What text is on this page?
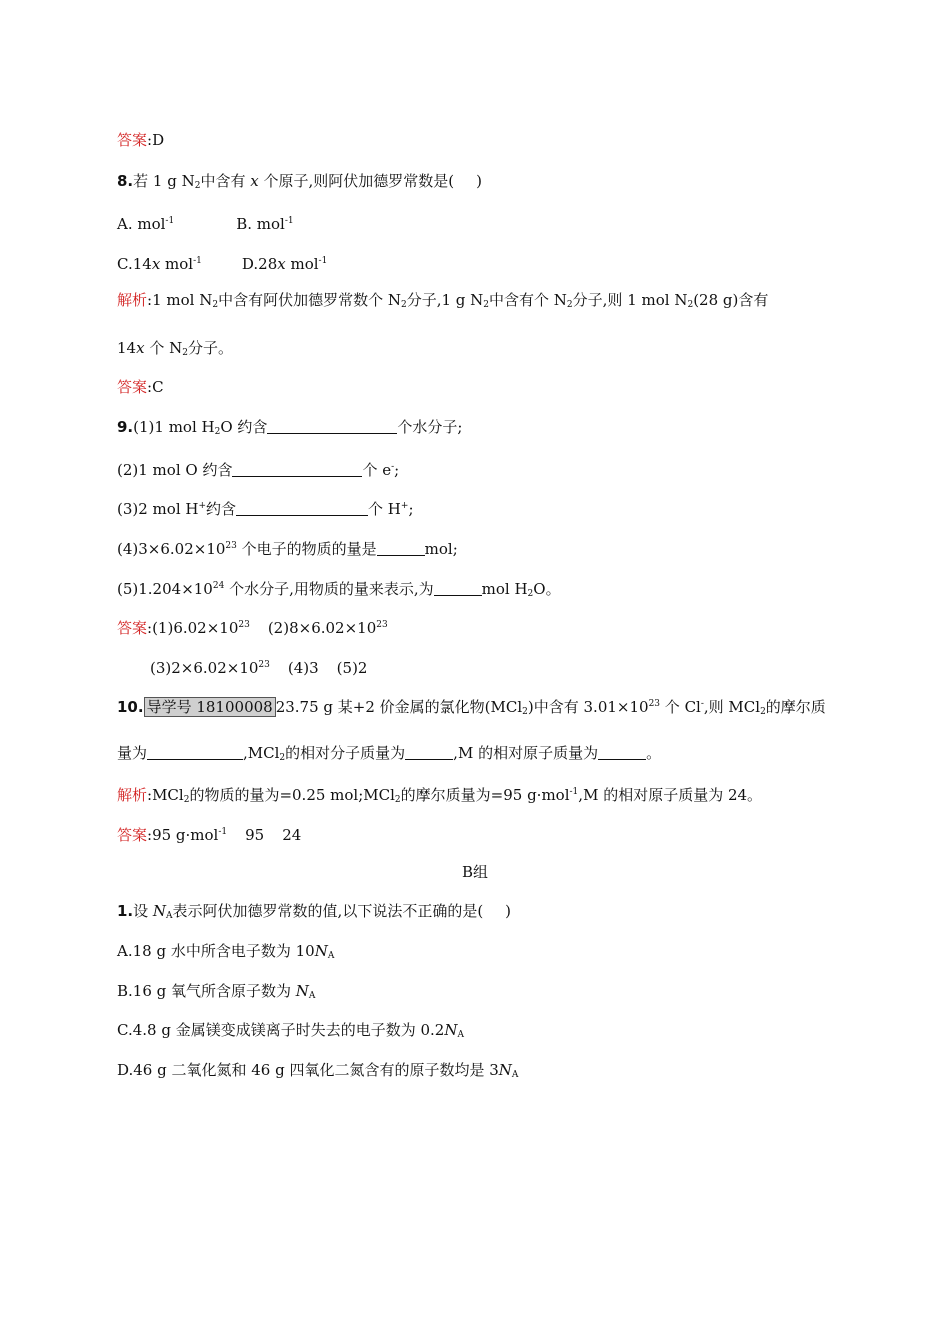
答案:D
8.若 1 g $N_2$中含有 x 个原子,则阿伏加德罗常数是( )
A. mol$^{-1}$	B. mol$^{-1}$
C.14x mol$^{-1}$	D.28x mol$^{-1}$
解析:1 mol $N_2$中含有阿伏加德罗常数个 $N_2$分子,1 g $N_2$中含有个 $N_2$分子,则 1 mol $N_2(28$ g)含有
14x 个 $N_2$分子。
答案:C
9.(1)1 mol $H_2O$ 约含	个水分子;
(2)1 mol O 约含	个 e-;
(3)2 mol H+约含	个 H+;
$(4)3\times 6.02\times 10^{23}$ 个电子的物质的量是	mol;
$(5)1.204\times 10^{24}$ 个水分子,用物质的量来表示,为	mol $H_2O$。
答案$:(1)6.02\times 10^{23}$ $(2)8\times 6.02\times 10^{23}$
$(3)2\times 6.02\times 10^{23}$ (4)3 (5)2
10. 导学号 18100008 23.75 g 某+2 价金属的氯化物(MCl$_2$)中含有 $3.01\times 10^{23}$ 个 Cl-,则 MCl$_2$的摩尔质
量为	,MCl$_2$的相对分子质量为	,M 的相对原子质量为	。
解析:MCl$_2$的物质的量为=0.25 mol;MCl$_2$的摩尔质量为=95 g·mol$^{-1}$,M 的相对原子质量为 24。
答案:95 g·mol$^{-1}$ 95 24
B组
1.设 $N_A$表示阿伏加德罗常数的值,以下说法不正确的是( )
A.18 g 水中所含电子数为 $10N_A$
B.16 g 氧气所含原子数为 $N_A$
C.4.8 g 金属镁变成镁离子时失去的电子数为 $0.2N_A$
D.46 g 二氧化氮和 46 g 四氧化二氮含有的原子数均是 $3N_A$
